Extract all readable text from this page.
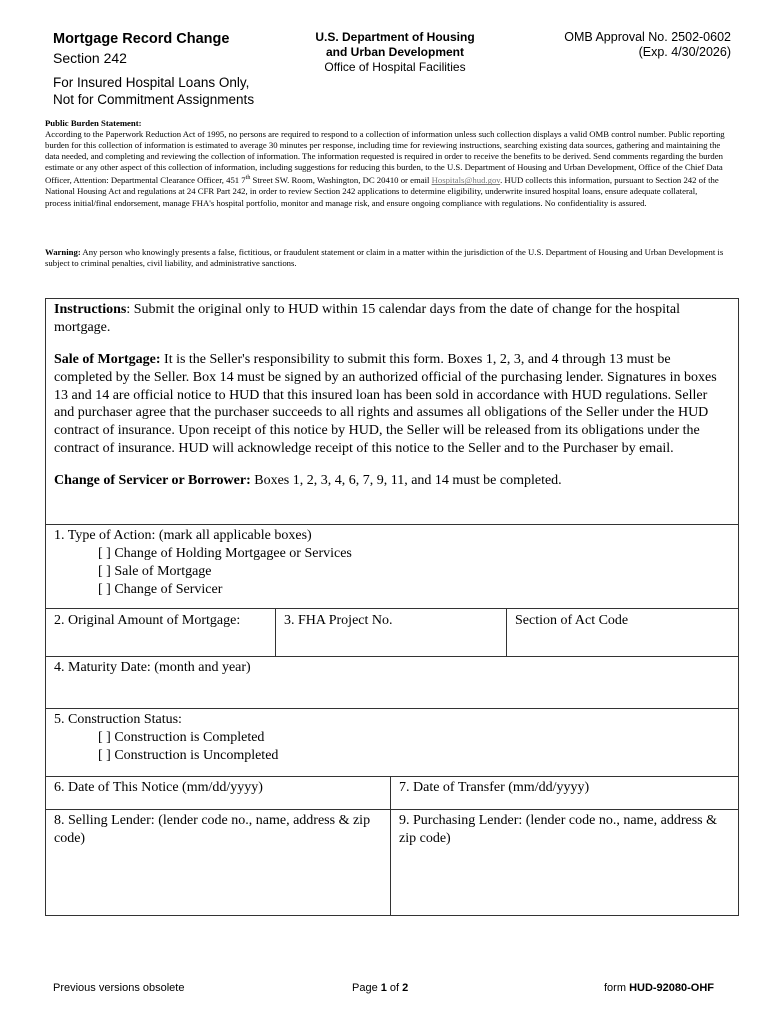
Mortgage Record Change
Section 242
For Insured Hospital Loans Only,
Not for Commitment Assignments
U.S. Department of Housing
and Urban Development
Office of Hospital Facilities
OMB Approval No. 2502-0602
(Exp. 4/30/2026)
Public Burden Statement:
According to the Paperwork Reduction Act of 1995, no persons are required to respond to a collection of information unless such collection displays a valid OMB control number. Public reporting burden for this collection of information is estimated to average 30 minutes per response, including time for reviewing instructions, searching existing data sources, gathering and maintaining the data needed, and completing and reviewing the collection of information. The information requested is required in order to receive the benefits to be derived. Send comments regarding the burden estimate or any other aspect of this collection of information, including suggestions for reducing this burden, to the U.S. Department of Housing and Urban Development, Office of the Chief Data Officer, Attention: Departmental Clearance Officer, 451 7th Street SW. Room, Washington, DC 20410 or email Hospitals@hud.gov. HUD collects this information, pursuant to Section 242 of the National Housing Act and regulations at 24 CFR Part 242, in order to review Section 242 applications to determine eligibility, underwrite insured hospital loans, ensure adequate collateral, process initial/final endorsement, manage FHA's hospital portfolio, monitor and manage risk, and ensure ongoing compliance with regulations. No confidentiality is assured.
Warning: Any person who knowingly presents a false, fictitious, or fraudulent statement or claim in a matter within the jurisdiction of the U.S. Department of Housing and Urban Development is subject to criminal penalties, civil liability, and administrative sanctions.

Instructions: Submit the original only to HUD within 15 calendar days from the date of change for the hospital mortgage.

Sale of Mortgage: It is the Seller's responsibility to submit this form. Boxes 1, 2, 3, and 4 through 13 must be completed by the Seller. Box 14 must be signed by an authorized official of the purchasing lender. Signatures in boxes 13 and 14 are official notice to HUD that this insured loan has been sold in accordance with HUD regulations. Seller and purchaser agree that the purchaser succeeds to all rights and assumes all obligations of the Seller under the HUD contract of insurance. Upon receipt of this notice by HUD, the Seller will be released from its obligations under the contract of insurance. HUD will acknowledge receipt of this notice to the Seller and to the Purchaser by email.

Change of Servicer or Borrower: Boxes 1, 2, 3, 4, 6, 7, 9, 11, and 14 must be completed.

1. Type of Action: (mark all applicable boxes)
[ ] Change of Holding Mortgagee or Services
[ ] Sale of Mortgage
[ ] Change of Servicer
2. Original Amount of Mortgage:	3. FHA Project No.	Section of Act Code
4. Maturity Date: (month and year)
5. Construction Status:
[ ] Construction is Completed
[ ] Construction is Uncompleted
6. Date of This Notice (mm/dd/yyyy)	7. Date of Transfer (mm/dd/yyyy)
8. Selling Lender: (lender code no., name, address & zip code)
9. Purchasing Lender: (lender code no., name, address & zip code)
Previous versions obsolete	Page 1 of 2	form HUD-92080-OHF
